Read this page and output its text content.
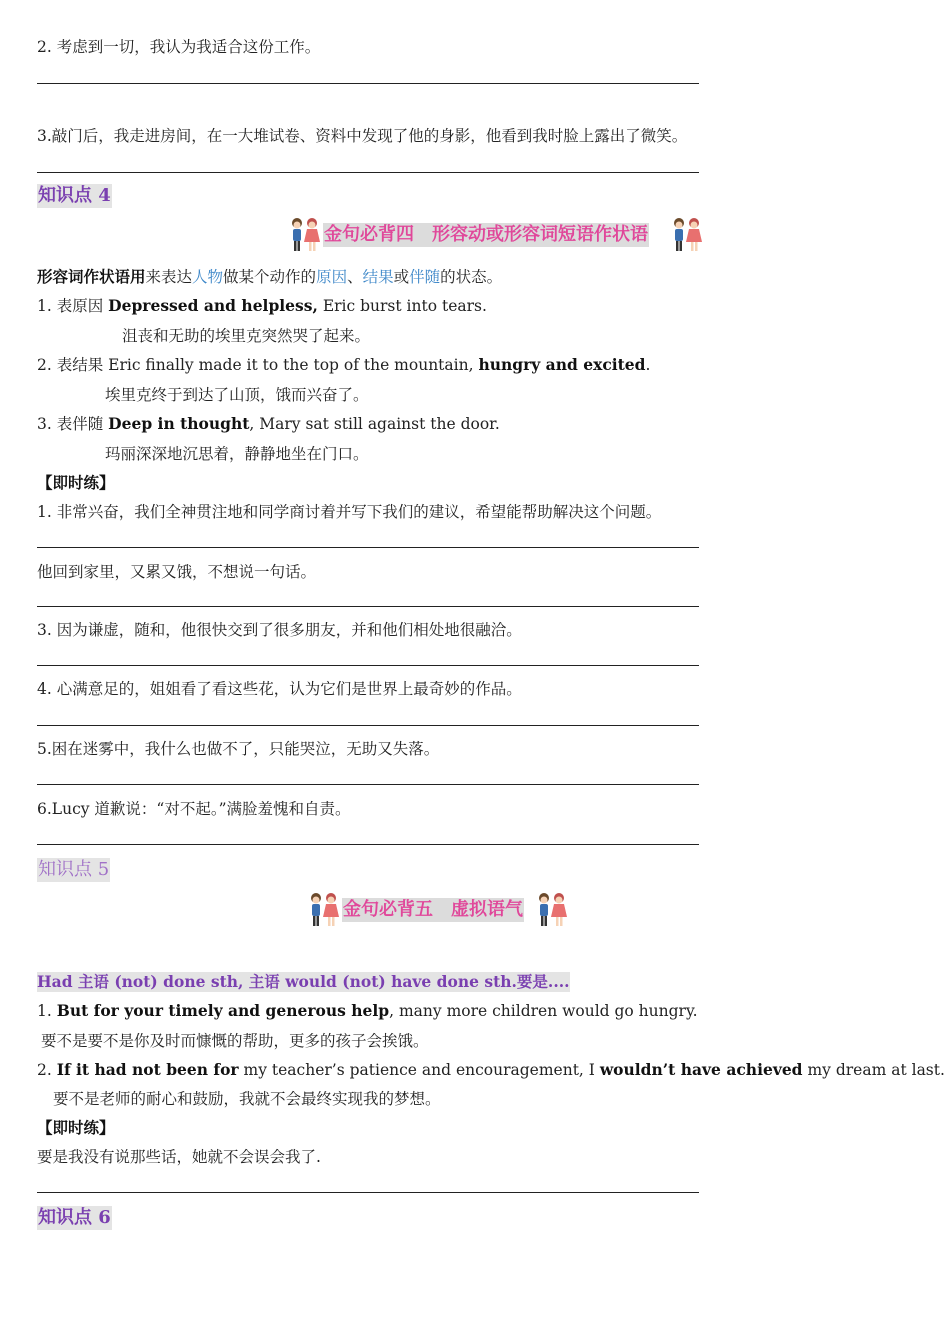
2. 考虑到一切，我认为我适合这份工作。
3.敲门后，我走进房间，在一大堆试卷、资料中发现了他的身影，他看到我时脸上露出了微笑。
知识点 4
金句必背四　形容动或形容词短语作状语
形容词作状语用来表达人物做某个动作的原因、结果或伴随的状态。
1. 表原因 Depressed and helpless, Eric burst into tears.
沮丧和无助的埃里克突然哭了起来。
2. 表结果 Eric finally made it to the top of the mountain, hungry and excited.
埃里克终于到达了山顶，饿而兴奋了。
3. 表伴随 Deep in thought, Mary sat still against the door.
玛丽深深地沉思着，静静地坐在门口。
【即时练】
1. 非常兴奋，我们全神贯注地和同学商讨着并写下我们的建议，希望能帮助解决这个问题。
他回到家里，又累又饿，不想说一句话。
3. 因为谦虚，随和，他很快交到了很多朋友，并和他们相处地很融洽。
4. 心满意足的，姐姐看了看这些花，认为它们是世界上最奇妙的作品。
5.困在迷雾中，我什么也做不了，只能哭泣，无助又失落。
6.Lucy 道歉说：“对不起。”满脸羞愧和自责。
知识点 5
金句必背五　虚拟语气
Had 主语 (not) done sth, 主语 would (not) have done sth.要是....
1. But for your timely and generous help, many more children would go hungry.
要不是要不是你及时而慷慨的帮助，更多的孩子会挨饿。
2. If it had not been for my teacher’s patience and encouragement, I wouldn’t have achieved my dream at last.
要不是老师的耐心和鼓励，我就不会最终实现我的梦想。
【即时练】
要是我没有说那些话，她就不会误会我了.
知识点 6
